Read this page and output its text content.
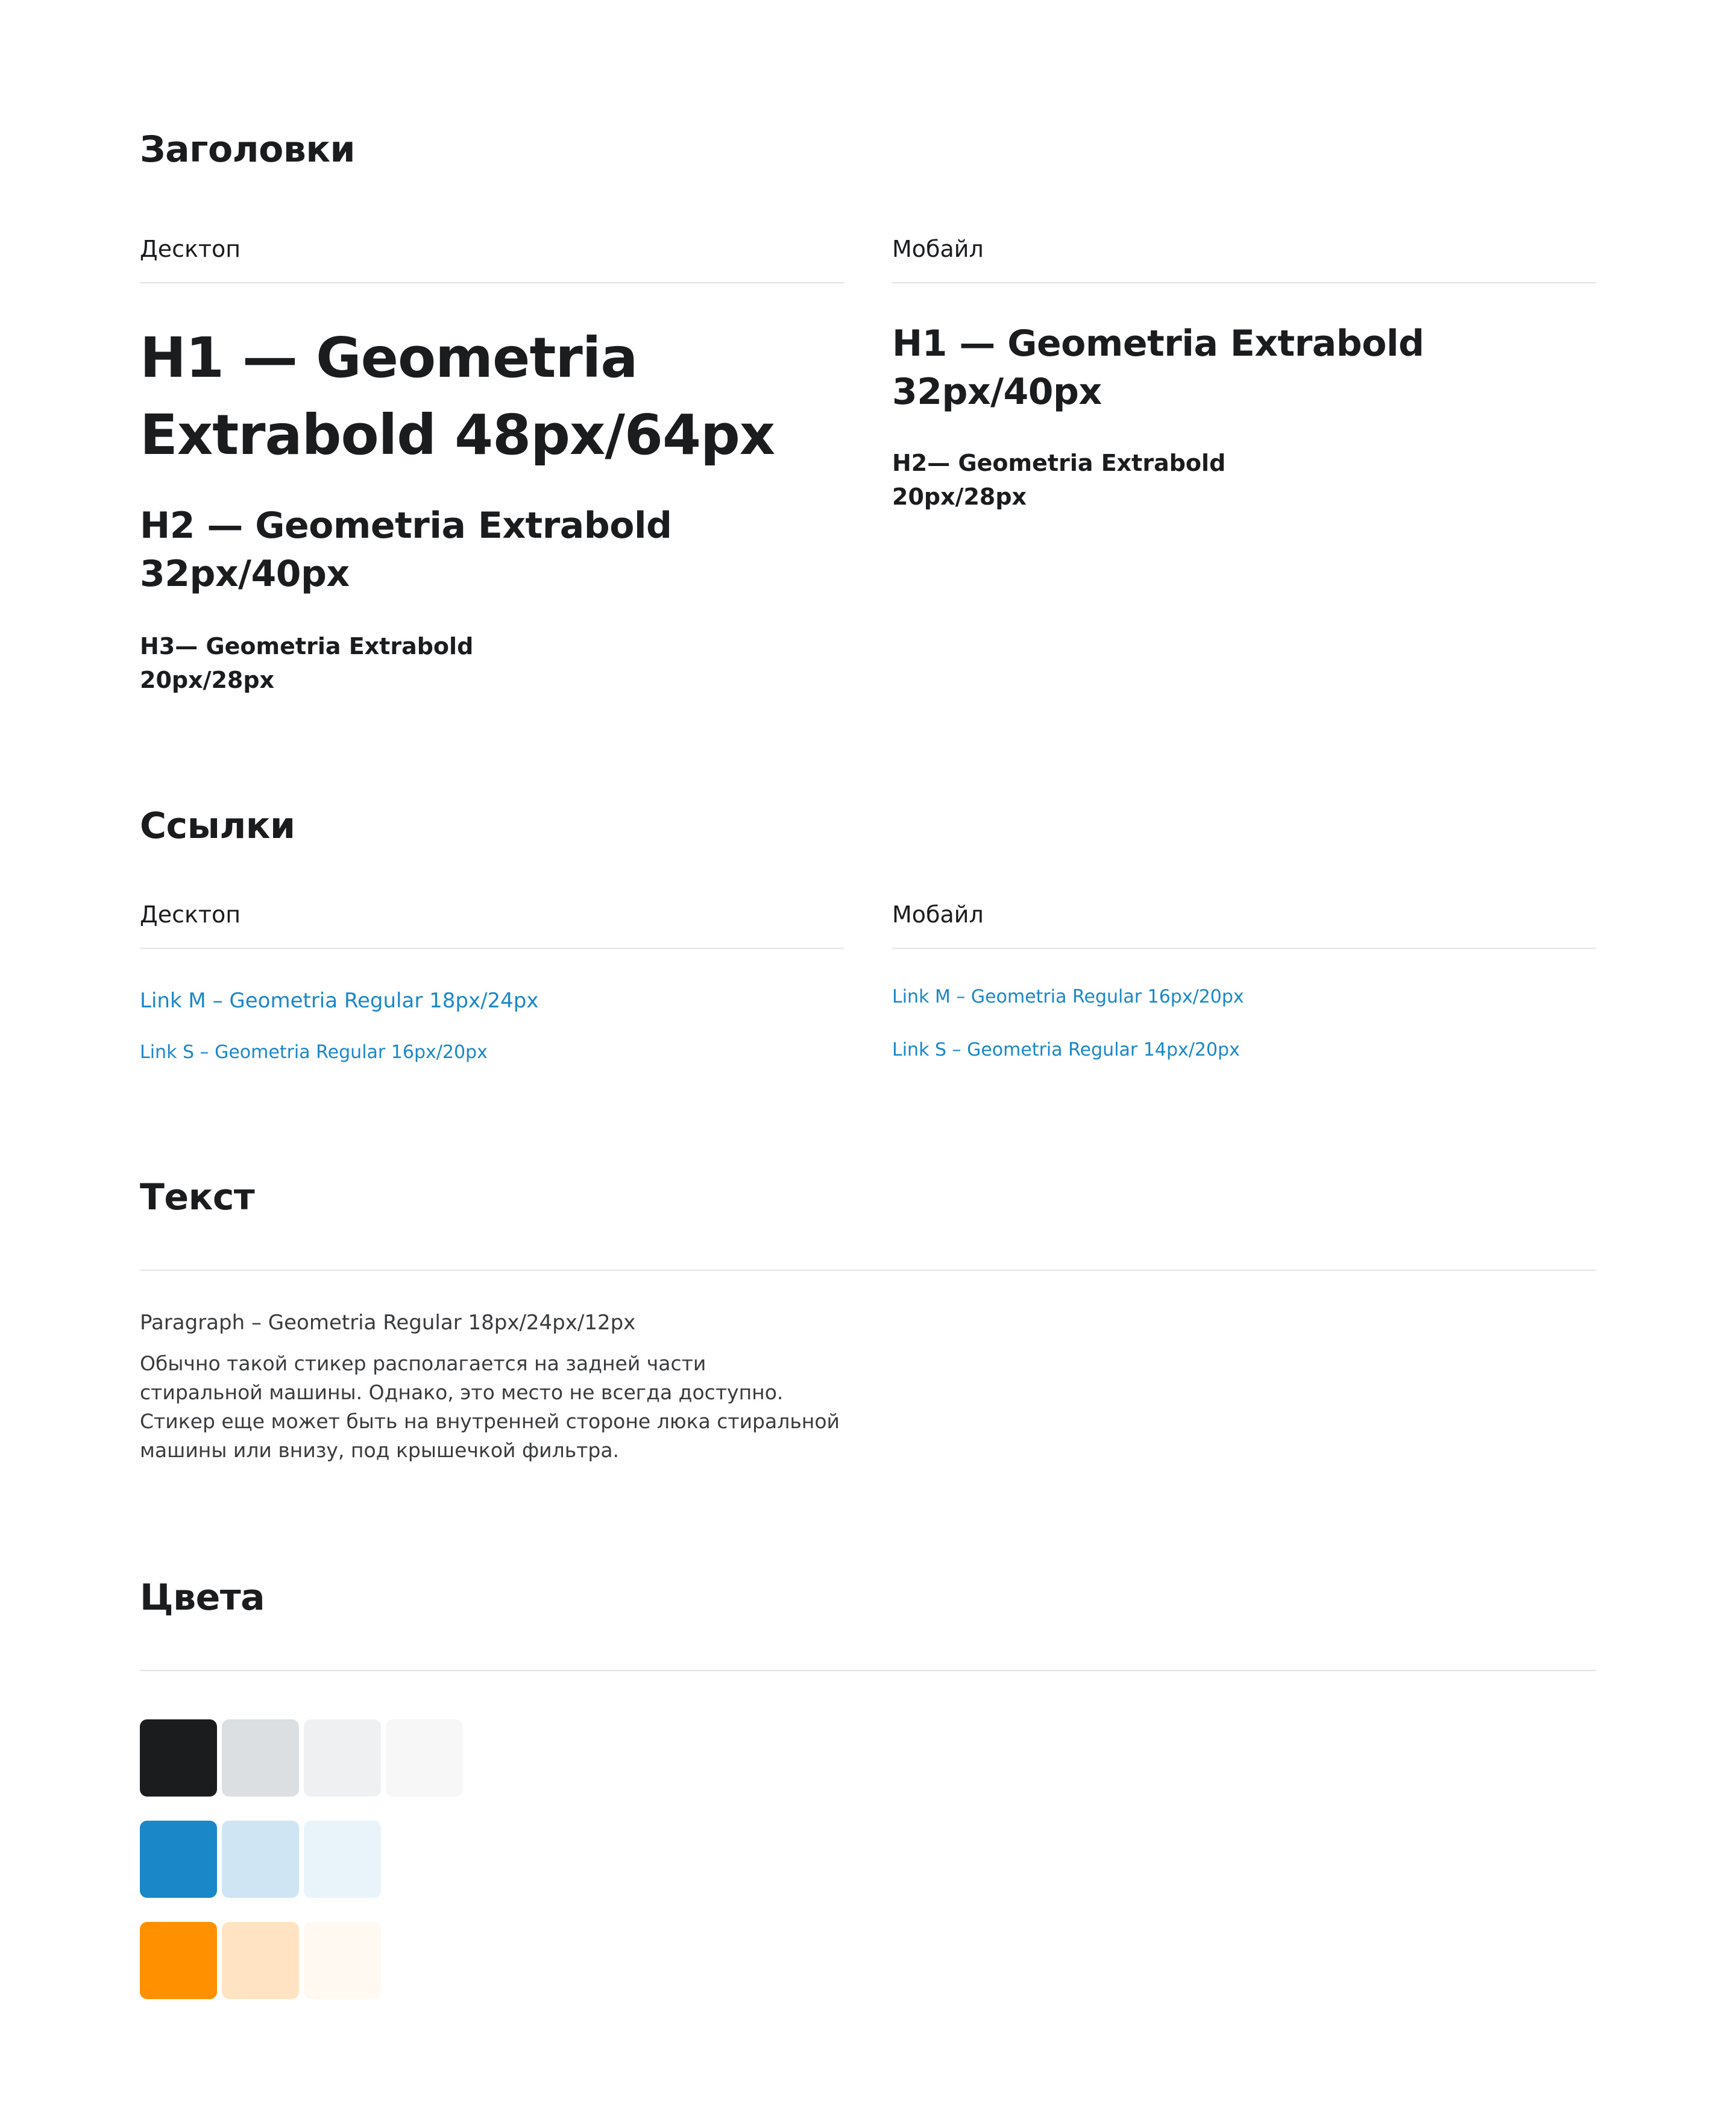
Заголовки
Десктоп	Мобайл
H1 — Geometria Extrabold 48px/64px
H2 — Geometria Extrabold
32px/40px
H3— Geometria Extrabold
20px/28px
H1 — Geometria Extrabold
32px/40px
H2— Geometria Extrabold
20px/28px
Ссылки
Десктоп	Мобайл
Link M – Geometria Regular 18px/24px
Link S – Geometria Regular 16px/20px
Link M – Geometria Regular 16px/20px
Link S – Geometria Regular 14px/20px
Текст
Paragraph – Geometria Regular 18px/24px/12px
Обычно такой стикер располагается на задней части
стиральной машины. Однако, это место не всегда доступно.
Стикер еще может быть на внутренней стороне люка стиральной
машины или внизу, под крышечкой фильтра.
Цвета
